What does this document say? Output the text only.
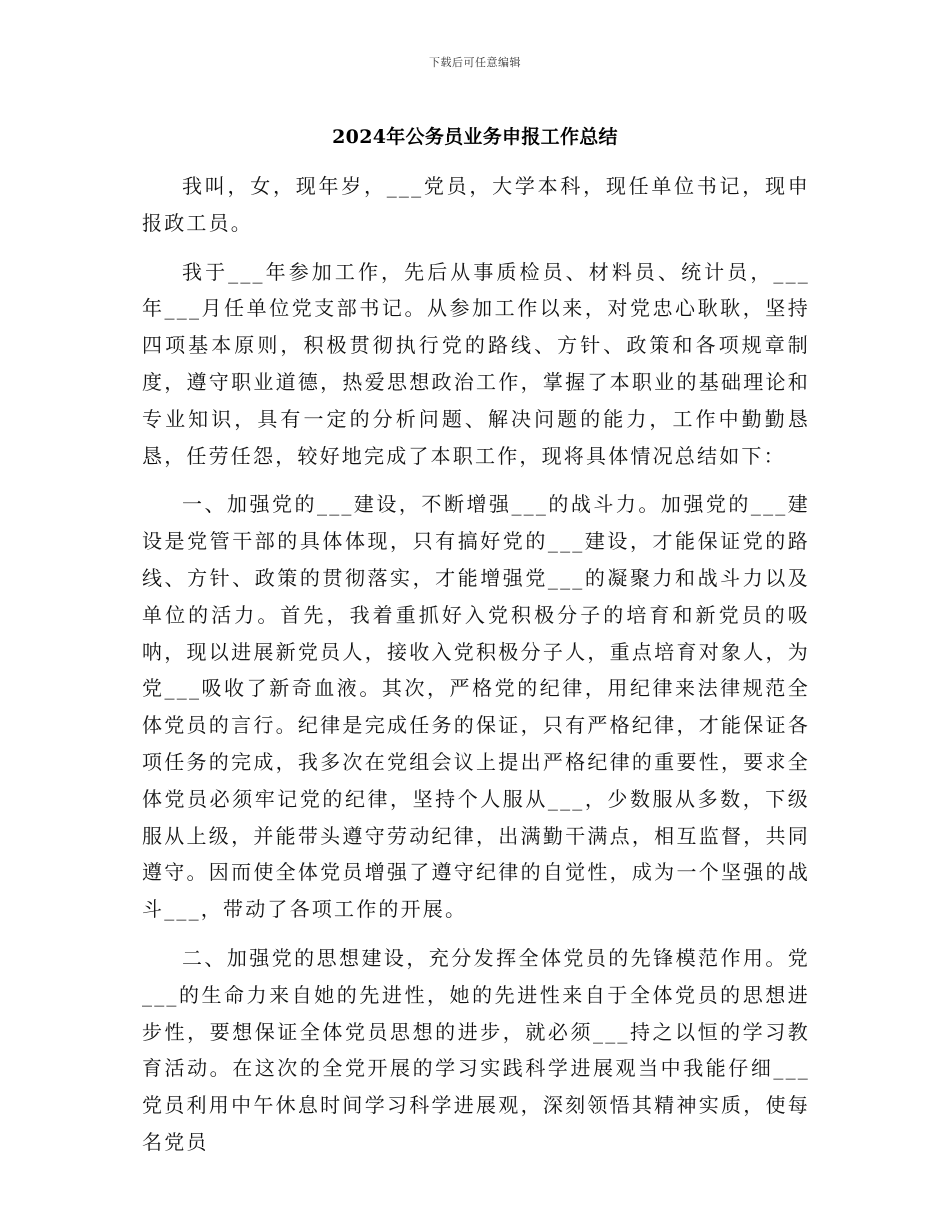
下载后可任意编辑
2024年公务员业务申报工作总结

我叫，女，现年岁，___党员，大学本科，现任单位书记，现申报政工员。

我于___年参加工作，先后从事质检员、材料员、统计员，___年___月任单位党支部书记。从参加工作以来，对党忠心耿耿，坚持四项基本原则，积极贯彻执行党的路线、方针、政策和各项规章制度，遵守职业道德，热爱思想政治工作，掌握了本职业的基础理论和专业知识，具有一定的分析问题、解决问题的能力，工作中勤勤恳恳，任劳任怨，较好地完成了本职工作，现将具体情况总结如下：

一、加强党的___建设，不断增强___的战斗力。加强党的___建设是党管干部的具体体现，只有搞好党的___建设，才能保证党的路线、方针、政策的贯彻落实，才能增强党___的凝聚力和战斗力以及单位的活力。首先，我着重抓好入党积极分子的培育和新党员的吸呐，现以进展新党员人，接收入党积极分子人，重点培育对象人，为党___吸收了新奇血液。其次，严格党的纪律，用纪律来法律规范全体党员的言行。纪律是完成任务的保证，只有严格纪律，才能保证各项任务的完成，我多次在党组会议上提出严格纪律的重要性，要求全体党员必须牢记党的纪律，坚持个人服从___，少数服从多数，下级服从上级，并能带头遵守劳动纪律，出满勤干满点，相互监督，共同遵守。因而使全体党员增强了遵守纪律的自觉性，成为一个坚强的战斗___，带动了各项工作的开展。

二、加强党的思想建设，充分发挥全体党员的先锋模范作用。党___的生命力来自她的先进性，她的先进性来自于全体党员的思想进步性，要想保证全体党员思想的进步，就必须___持之以恒的学习教育活动。在这次的全党开展的学习实践科学进展观当中我能仔细___党员利用中午休息时间学习科学进展观，深刻领悟其精神实质，使每名党员
